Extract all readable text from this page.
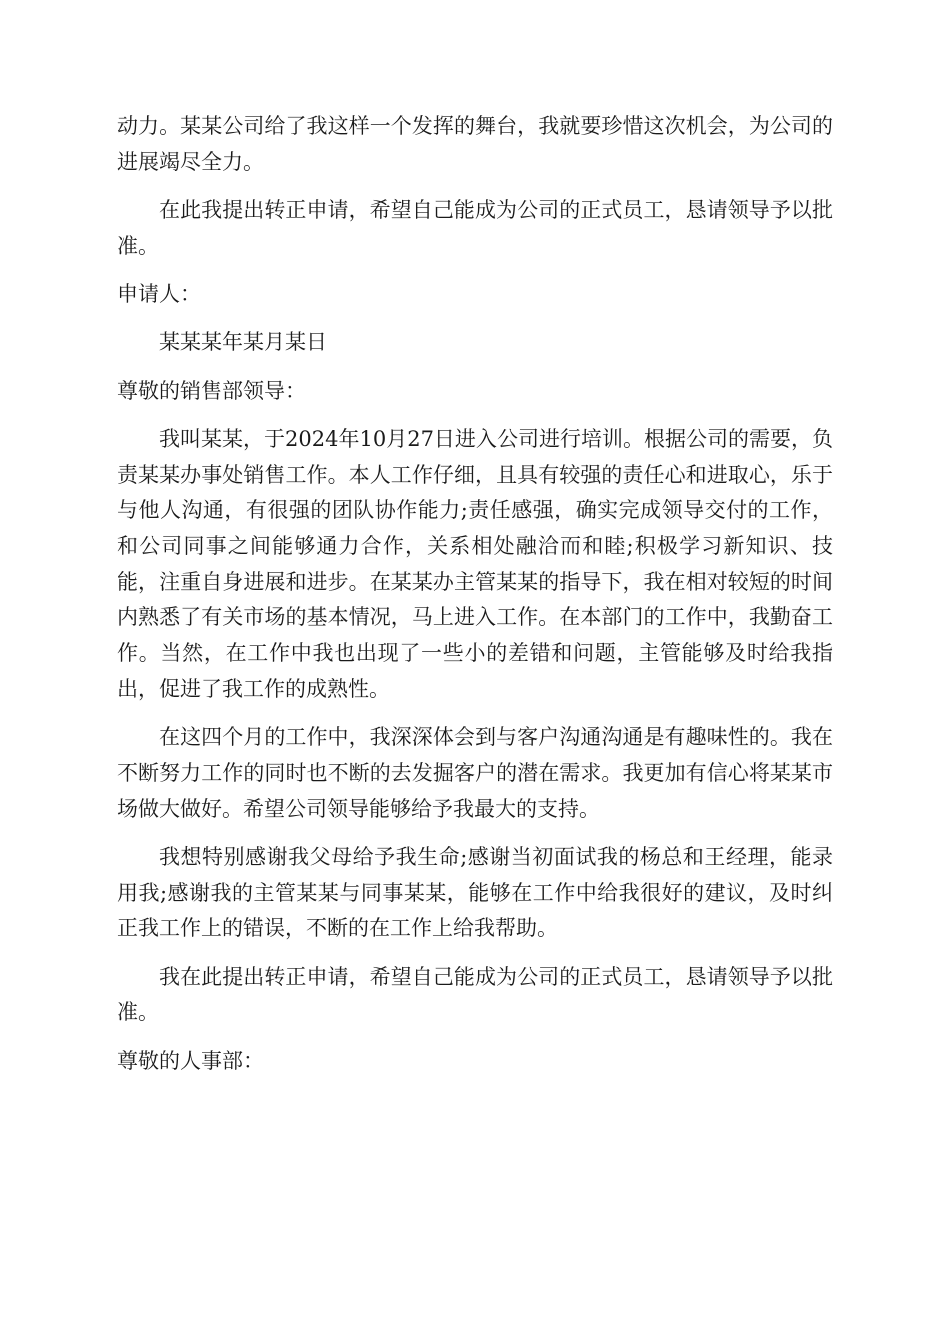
动力。某某公司给了我这样一个发挥的舞台，我就要珍惜这次机会，为公司的进展竭尽全力。

在此我提出转正申请，希望自己能成为公司的正式员工，恳请领导予以批准。

申请人：

某某某年某月某日

尊敬的销售部领导：

我叫某某，于2024年10月27日进入公司进行培训。根据公司的需要，负责某某办事处销售工作。本人工作仔细，且具有较强的责任心和进取心，乐于与他人沟通，有很强的团队协作能力;责任感强，确实完成领导交付的工作，和公司同事之间能够通力合作，关系相处融洽而和睦;积极学习新知识、技能，注重自身进展和进步。在某某办主管某某的指导下，我在相对较短的时间内熟悉了有关市场的基本情况，马上进入工作。在本部门的工作中，我勤奋工作。当然，在工作中我也出现了一些小的差错和问题，主管能够及时给我指出，促进了我工作的成熟性。

在这四个月的工作中，我深深体会到与客户沟通沟通是有趣味性的。我在不断努力工作的同时也不断的去发掘客户的潜在需求。我更加有信心将某某市场做大做好。希望公司领导能够给予我最大的支持。

我想特别感谢我父母给予我生命;感谢当初面试我的杨总和王经理，能录用我;感谢我的主管某某与同事某某，能够在工作中给我很好的建议，及时纠正我工作上的错误，不断的在工作上给我帮助。

我在此提出转正申请，希望自己能成为公司的正式员工，恳请领导予以批准。

尊敬的人事部：
